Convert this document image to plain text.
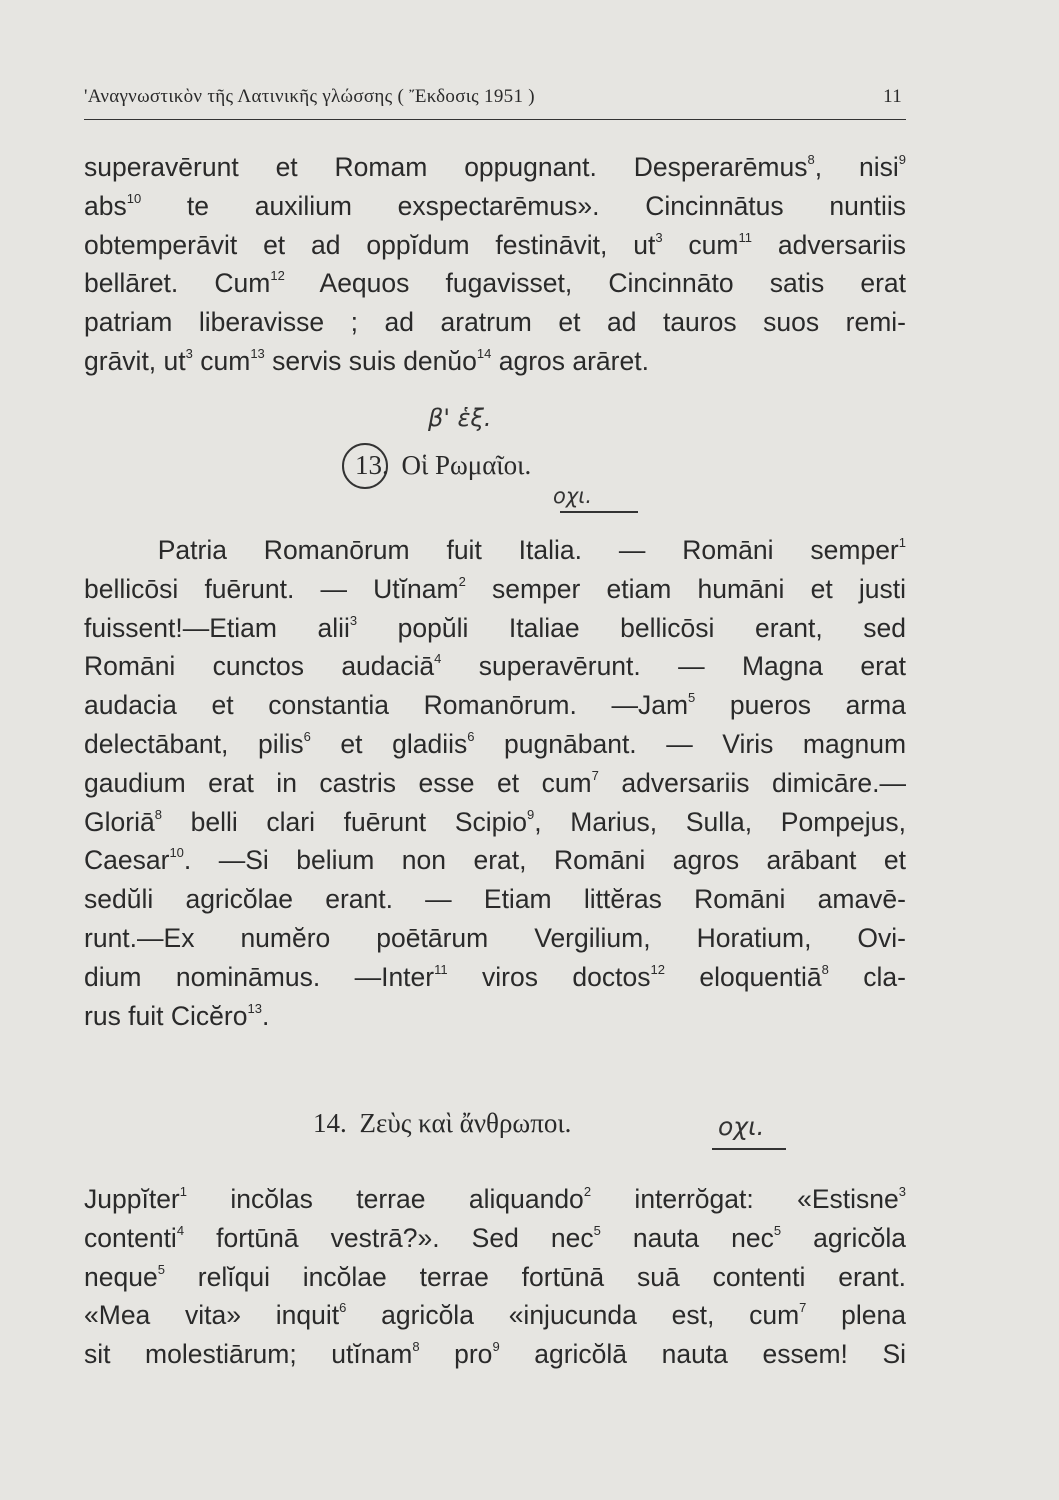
'Αναγνωστικὸν τῆς Λατινικῆς γλώσσης ( Ἔκδοσις 1951 )	11
superavērunt et Romam oppugnant. Desperarēmus$^8$, nisi$^9$
abs$^{10}$ te auxilium exspectarēmus». Cincinnātus nuntiis
obtemperāvit et ad oppĭdum festināvit, $ut^3$ cum$^{11}$ adversariis
bellāret. Cum$^{12}$ Aequos fugavisset, Cincinnāto satis erat
patriam liberavisse ; ad aratrum et ad tauros suos remi-
grāvit, $ut^3$ cum$^{13}$ servis suis denŭo$^{14}$ agros arāret.
β' ἑξ.
13. Οἱ Ρωμαῖοι.
οχι.
Patria Romanōrum fuit Italia. — Romāni semper$^1$
bellicōsi fuērunt. — Utĭnam$^2$ semper etiam humāni et justi
fuissent!—Etiam alii$^3$ popŭli Italiae bellicōsi erant, sed
Romāni cunctos audaciā$^4$ superavērunt. — Magna erat
audacia et constantia Romanōrum. —Jam$^5$ pueros arma
delectābant, pilis$^6$ et gladiis$^6$ pugnābant. — Viris magnum
gaudium erat in castris esse et cum$^7$ adversariis dimicāre.—
Gloriā$^8$ belli clari fuērunt Scipio$^9$, Marius, Sulla, Pompejus,
Caesar$^{10}$. —Si belium non erat, Romāni agros arābant et
sedŭli agricŏlae erant. — Etiam littĕras Romāni amavē-
runt.—Ex numĕro poētārum Vergilium, Horatium, Ovi-
dium nomināmus. —Inter$^{11}$ viros doctos$^{12}$ eloquentiā$^8$ cla-
rus fuit Cicĕro$^{13}$.
14. Ζεὺς καὶ ἄνθρωποι.	οχι.
Juppĭter$^1$ incŏlas terrae aliquando$^2$ interrŏgat: «Estisne$^3$
contenti$^4$ fortūnā vestrā?». Sed nec$^5$ nauta nec$^5$ agricŏla
neque$^5$ relĭqui incŏlae terrae fortūnā suā contenti erant.
«Mea vita» inquit$^6$ agricŏla «injucunda est, cum$^7$ plena
sit molestiārum; utĭnam$^8$ pro$^9$ agricŏlā nauta essem! Si
